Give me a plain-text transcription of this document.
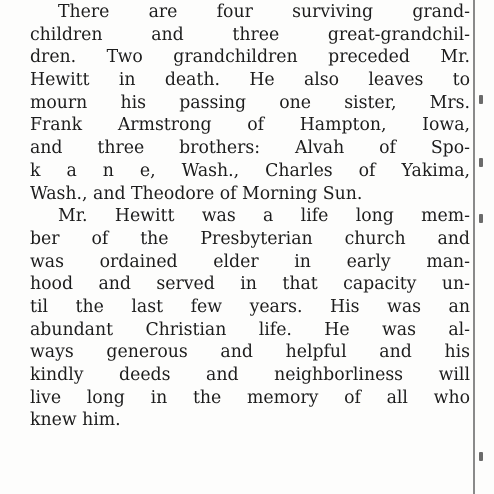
There are four surviving grand-
children and three great-grandchil-
dren. Two grandchildren preceded Mr.
Hewitt in death. He also leaves to
mourn his passing one sister, Mrs.
Frank Armstrong of Hampton, Iowa,
and three brothers: Alvah of Spo-
k a n e, Wash., Charles of Yakima,
Wash., and Theodore of Morning Sun.
Mr. Hewitt was a life long mem-
ber of the Presbyterian church and
was ordained elder in early man-
hood and served in that capacity un-
til the last few years. His was an
abundant Christian life. He was al-
ways generous and helpful and his
kindly deeds and neighborliness will
live long in the memory of all who
knew him.
